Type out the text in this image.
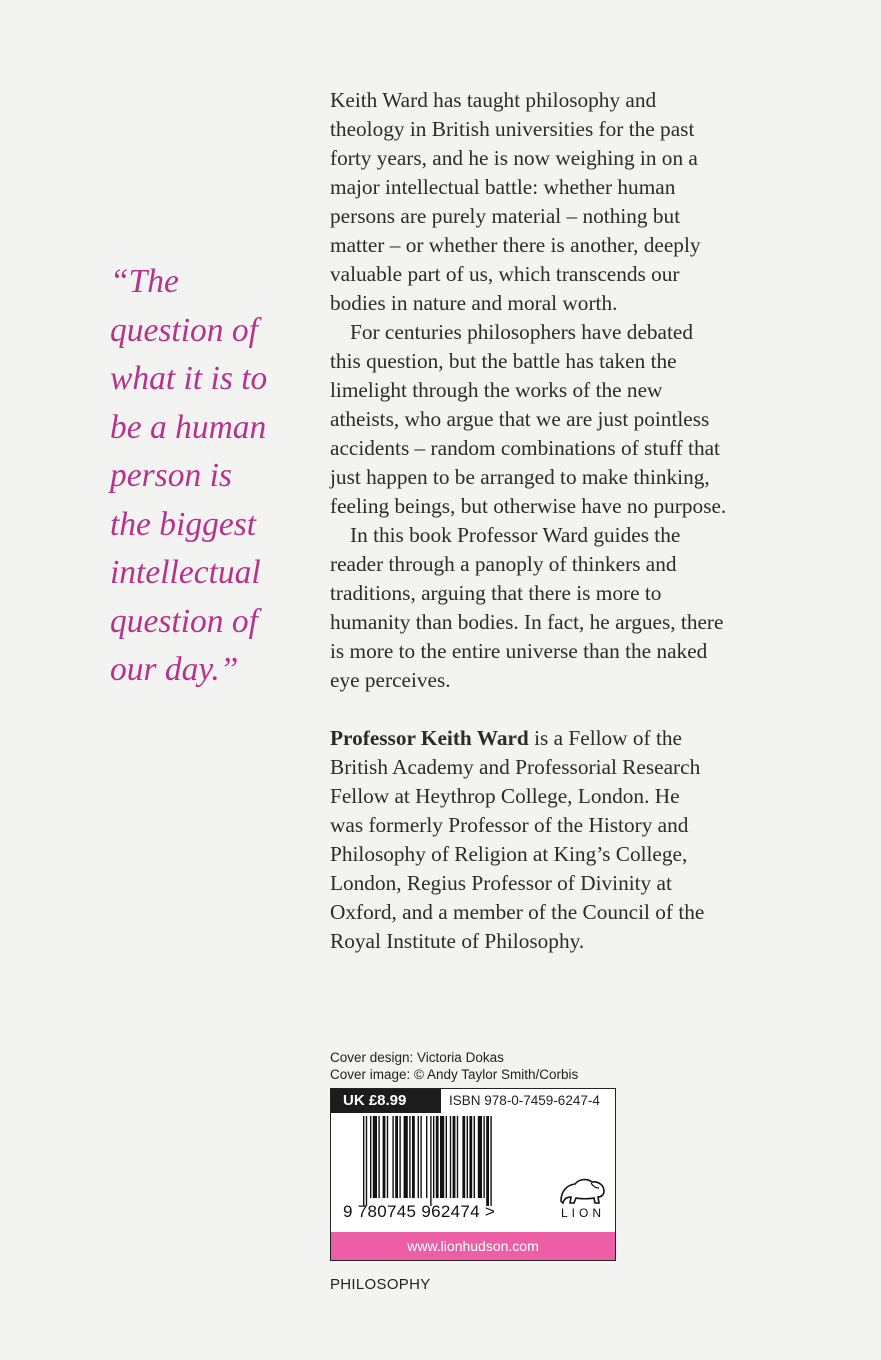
“The
question of
what it is to
be a human
person is
the biggest
intellectual
question of
our day.”
Keith Ward has taught philosophy and
theology in British universities for the past
forty years, and he is now weighing in on a
major intellectual battle: whether human
persons are purely material – nothing but
matter – or whether there is another, deeply
valuable part of us, which transcends our
bodies in nature and moral worth.
For centuries philosophers have debated
this question, but the battle has taken the
limelight through the works of the new
atheists, who argue that we are just pointless
accidents – random combinations of stuff that
just happen to be arranged to make thinking,
feeling beings, but otherwise have no purpose.
In this book Professor Ward guides the
reader through a panoply of thinkers and
traditions, arguing that there is more to
humanity than bodies. In fact, he argues, there
is more to the entire universe than the naked
eye perceives.
Professor Keith Ward is a Fellow of the
British Academy and Professorial Research
Fellow at Heythrop College, London. He
was formerly Professor of the History and
Philosophy of Religion at King’s College,
London, Regius Professor of Divinity at
Oxford, and a member of the Council of the
Royal Institute of Philosophy.
Cover design: Victoria Dokas
Cover image: © Andy Taylor Smith/Corbis
UK £8.99	ISBN 978-0-7459-6247-4
9 780745 962474 >	LION
www.lionhudson.com
PHILOSOPHY
